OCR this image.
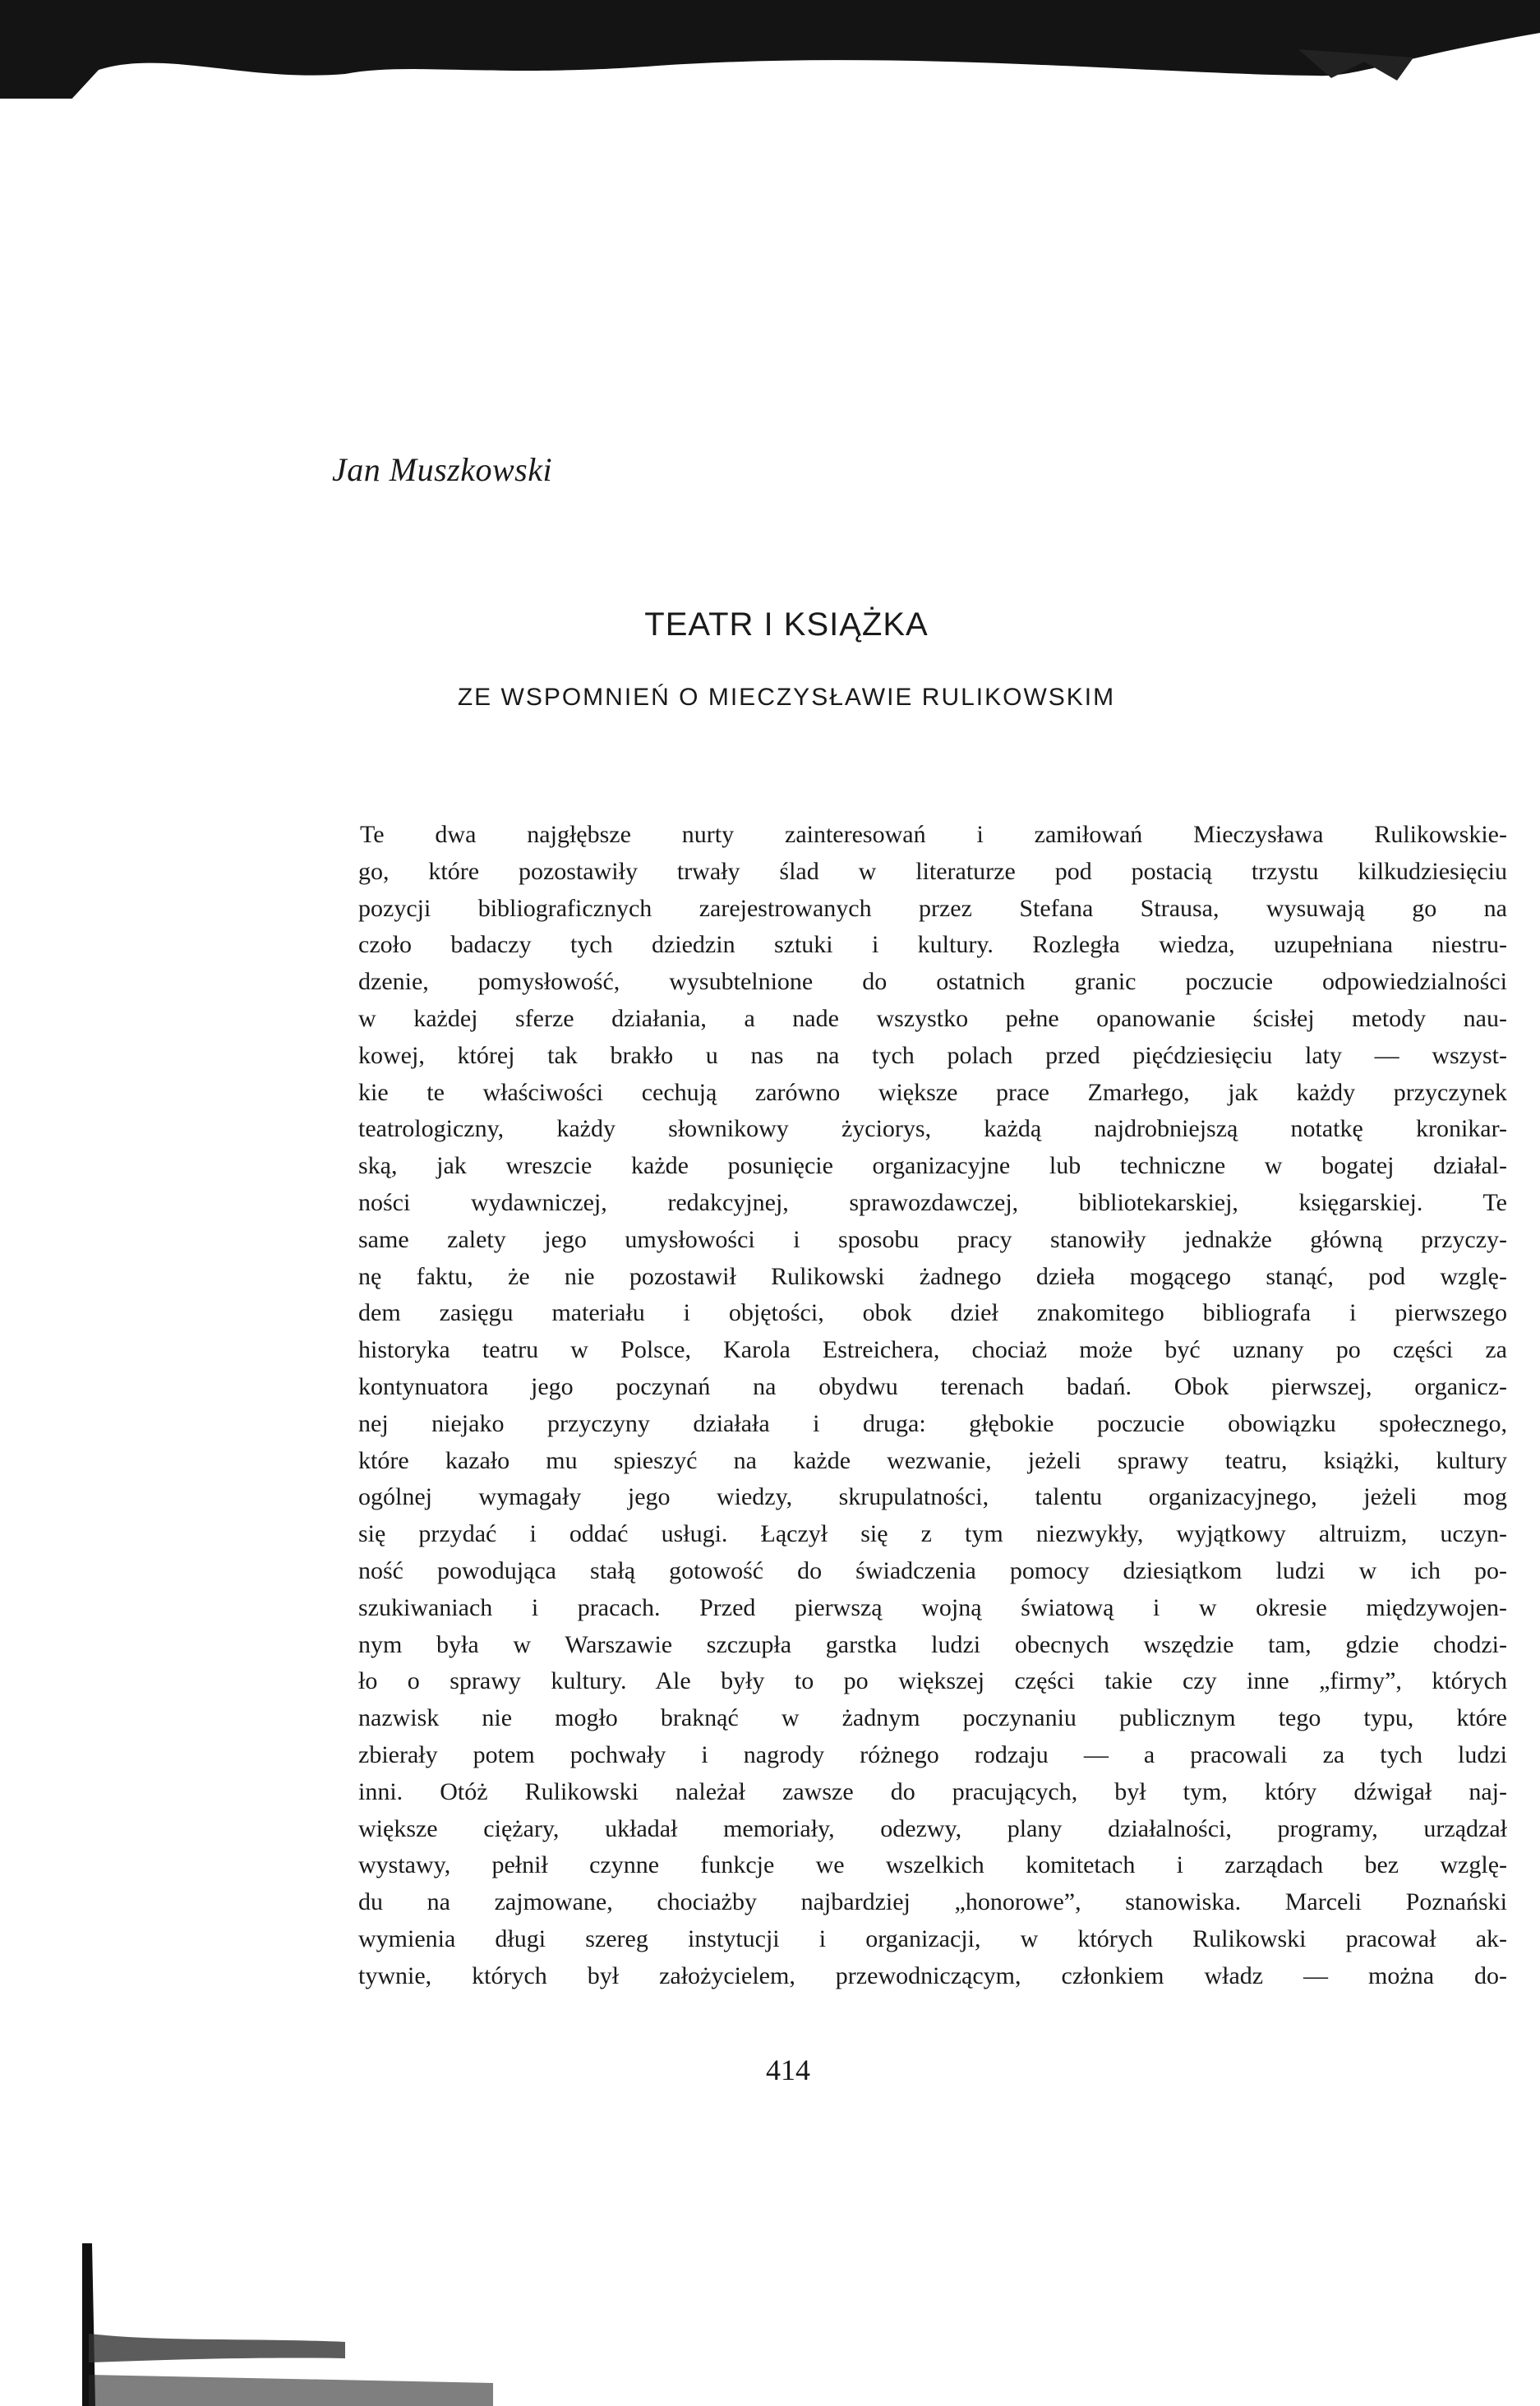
Jan Muszkowski
TEATR I KSIĄŻKA
ZE WSPOMNIEŃ O MIECZYSŁAWIE RULIKOWSKIM
Te dwa najgłębsze nurty zainteresowań i zamiłowań Mieczysława Rulikowskie-
go, które pozostawiły trwały ślad w literaturze pod postacią trzystu kilkudziesięciu
pozycji bibliograficznych zarejestrowanych przez Stefana Strausa, wysuwają go na
czoło badaczy tych dziedzin sztuki i kultury. Rozległa wiedza, uzupełniana niestru-
dzenie, pomysłowość, wysubtelnione do ostatnich granic poczucie odpowiedzialności
w każdej sferze działania, a nade wszystko pełne opanowanie ścisłej metody nau-
kowej, której tak brakło u nas na tych polach przed pięćdziesięciu laty — wszyst-
kie te właściwości cechują zarówno większe prace Zmarłego, jak każdy przyczynek
teatrologiczny, każdy słownikowy życiorys, każdą najdrobniejszą notatkę kronikar-
ską, jak wreszcie każde posunięcie organizacyjne lub techniczne w bogatej działal-
ności wydawniczej, redakcyjnej, sprawozdawczej, bibliotekarskiej, księgarskiej. Te
same zalety jego umysłowości i sposobu pracy stanowiły jednakże główną przyczy-
nę faktu, że nie pozostawił Rulikowski żadnego dzieła mogącego stanąć, pod wzglę-
dem zasięgu materiału i objętości, obok dzieł znakomitego bibliografa i pierwszego
historyka teatru w Polsce, Karola Estreichera, chociaż może być uznany po części za
kontynuatora jego poczynań na obydwu terenach badań. Obok pierwszej, organicz-
nej niejako przyczyny działała i druga: głębokie poczucie obowiązku społecznego,
które kazało mu spieszyć na każde wezwanie, jeżeli sprawy teatru, książki, kultury
ogólnej wymagały jego wiedzy, skrupulatności, talentu organizacyjnego, jeżeli mog
się przydać i oddać usługi. Łączył się z tym niezwykły, wyjątkowy altruizm, uczyn-
ność powodująca stałą gotowość do świadczenia pomocy dziesiątkom ludzi w ich po-
szukiwaniach i pracach. Przed pierwszą wojną światową i w okresie międzywojen-
nym była w Warszawie szczupła garstka ludzi obecnych wszędzie tam, gdzie chodzi-
ło o sprawy kultury. Ale były to po większej części takie czy inne „firmy”, których
nazwisk nie mogło braknąć w żadnym poczynaniu publicznym tego typu, które
zbierały potem pochwały i nagrody różnego rodzaju — a pracowali za tych ludzi
inni. Otóż Rulikowski należał zawsze do pracujących, był tym, który dźwigał naj-
większe ciężary, układał memoriały, odezwy, plany działalności, programy, urządzał
wystawy, pełnił czynne funkcje we wszelkich komitetach i zarządach bez wzglę-
du na zajmowane, chociażby najbardziej „honorowe”, stanowiska. Marceli Poznański
wymienia długi szereg instytucji i organizacji, w których Rulikowski pracował ak-
tywnie, których był założycielem, przewodniczącym, członkiem władz — można do-
414
